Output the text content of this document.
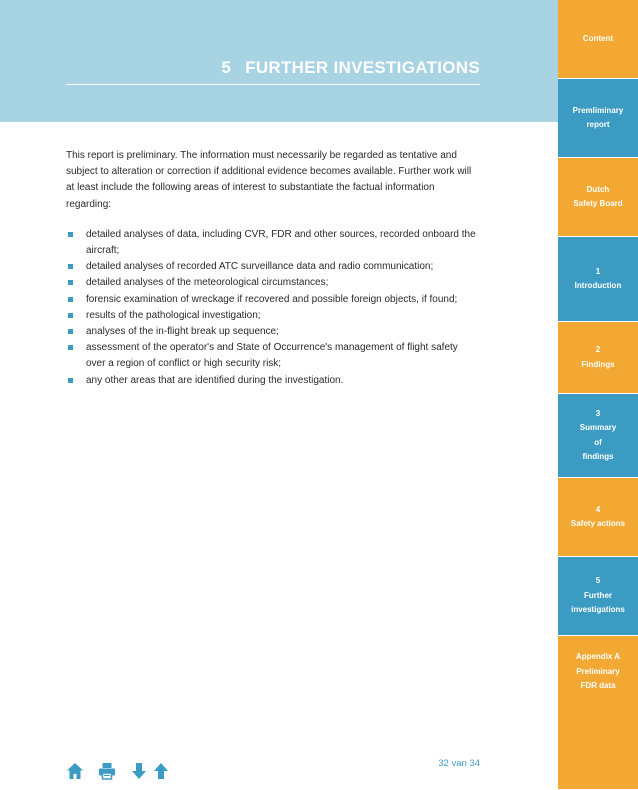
5 FURTHER INVESTIGATIONS

This report is preliminary. The information must necessarily be regarded as tentative and subject to alteration or correction if additional evidence becomes available. Further work will at least include the following areas of interest to substantiate the factual information regarding:

detailed analyses of data, including CVR, FDR and other sources, recorded onboard the aircraft;
detailed analyses of recorded ATC surveillance data and radio communication;
detailed analyses of the meteorological circumstances;
forensic examination of wreckage if recovered and possible foreign objects, if found;
results of the pathological investigation;
analyses of the in-flight break up sequence;
assessment of the operator's and State of Occurrence's management of flight safety over a region of conflict or high security risk;
any other areas that are identified during the investigation.
32 van 34
Content
Premliminary
report
Dutch
Safety Board
1
Introduction
2
Findings
3
Summary
of
findings
4
Safety actions
5
Further
investigations
Appendix A
Preliminary
FDR data
